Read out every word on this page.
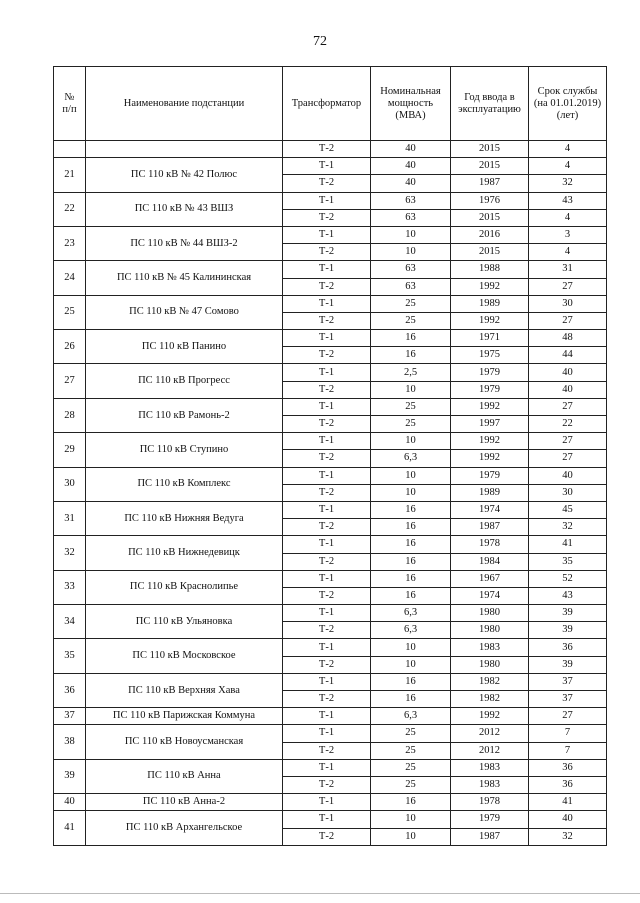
72
№
п/п	Наименование подстанции	Трансформатор	Номинальная мощность (МВА)	Год ввода в эксплуатацию	Срок службы (на 01.01.2019) (лет)
		Т-2	40	2015	4
21	ПС 110 кВ № 42 Полюс	Т-1	40	2015	4
		Т-2	40	1987	32
22	ПС 110 кВ № 43 ВШЗ	Т-1	63	1976	43
		Т-2	63	2015	4
23	ПС 110 кВ № 44 ВШЗ-2	Т-1	10	2016	3
		Т-2	10	2015	4
24	ПС 110 кВ № 45 Калининская	Т-1	63	1988	31
		Т-2	63	1992	27
25	ПС 110 кВ № 47 Сомово	Т-1	25	1989	30
		Т-2	25	1992	27
26	ПС 110 кВ Панино	Т-1	16	1971	48
		Т-2	16	1975	44
27	ПС 110 кВ Прогресс	Т-1	2,5	1979	40
		Т-2	10	1979	40
28	ПС 110 кВ Рамонь-2	Т-1	25	1992	27
		Т-2	25	1997	22
29	ПС 110 кВ Ступино	Т-1	10	1992	27
		Т-2	6,3	1992	27
30	ПС 110 кВ Комплекс	Т-1	10	1979	40
		Т-2	10	1989	30
31	ПС 110 кВ Нижняя Ведуга	Т-1	16	1974	45
		Т-2	16	1987	32
32	ПС 110 кВ Нижнедевицк	Т-1	16	1978	41
		Т-2	16	1984	35
33	ПС 110 кВ Краснолипье	Т-1	16	1967	52
		Т-2	16	1974	43
34	ПС 110 кВ Ульяновка	Т-1	6,3	1980	39
		Т-2	6,3	1980	39
35	ПС 110 кВ Московское	Т-1	10	1983	36
		Т-2	10	1980	39
36	ПС 110 кВ Верхняя Хава	Т-1	16	1982	37
		Т-2	16	1982	37
37	ПС 110 кВ Парижская Коммуна	Т-1	6,3	1992	27
38	ПС 110 кВ Новоусманская	Т-1	25	2012	7
		Т-2	25	2012	7
39	ПС 110 кВ Анна	Т-1	25	1983	36
		Т-2	25	1983	36
40	ПС 110 кВ Анна-2	Т-1	16	1978	41
41	ПС 110 кВ Архангельское	Т-1	10	1979	40
		Т-2	10	1987	32
